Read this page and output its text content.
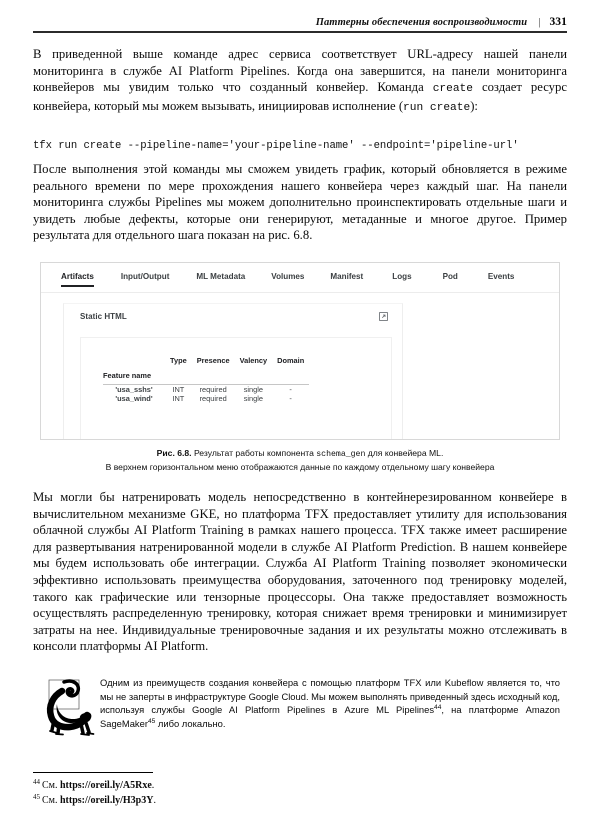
Паттерны обеспечения воспроизводимости | 331

В приведенной выше команде адрес сервиса соответствует URL-адресу нашей панели мониторинга в службе AI Platform Pipelines. Когда она завершится, на панели мониторинга конвейеров мы увидим только что созданный конвейер. Команда create создает ресурс конвейера, который мы можем вызывать, инициировав исполнение (run create):

tfx run create --pipeline-name='your-pipeline-name' --endpoint='pipeline-url'

После выполнения этой команды мы сможем увидеть график, который обновляется в режиме реального времени по мере прохождения нашего конвейера через каждый шаг. На панели мониторинга службы Pipelines мы можем дополнительно проинспектировать отдельные шаги и увидеть любые дефекты, которые они генерируют, метаданные и многое другое. Пример результата для отдельного шага показан на рис. 6.8.

Artifacts	Input/Output	ML Metadata	Volumes	Manifest	Logs	Pod	Events
Static HTML
	Type	Presence	Valency	Domain

Feature name				

'usa_sshs'	INT	required	single	-
'usa_wind'	INT	required	single	-
Рис. 6.8. Результат работы компонента schema_gen для конвейера ML.
В верхнем горизонтальном меню отображаются данные по каждому отдельному шагу конвейера

Мы могли бы натренировать модель непосредственно в контейнерезированном конвейере в вычислительном механизме GKE, но платформа TFX предоставляет утилиту для использования облачной службы AI Platform Training в рамках нашего процесса. TFX также имеет расширение для развертывания натренированной модели в службе AI Platform Prediction. В нашем конвейере мы будем использовать обе интеграции. Служба AI Platform Training позволяет экономически эффективно использовать преимущества оборудования, заточенного под тренировку моделей, такого как графические или тензорные процессоры. Она также предоставляет возможность осуществлять распределенную тренировку, которая снижает время тренировки и минимизирует затраты на нее. Индивидуальные тренировочные задания и их результаты можно отслеживать в консоли платформы AI Platform.

Одним из преимуществ создания конвейера с помощью платформ TFX или Kubeflow является то, что мы не заперты в инфраструктуре Google Cloud. Мы можем выполнять приведенный здесь исходный код, используя службы Google AI Platform Pipelines в Azure ML Pipelines$^{44}$, на платформе Amazon SageMaker$^{45}$ либо локально.
$^{44}$ См. https://oreil.ly/A5Rxe.
$^{45}$ См. https://oreil.ly/H3p3Y.
